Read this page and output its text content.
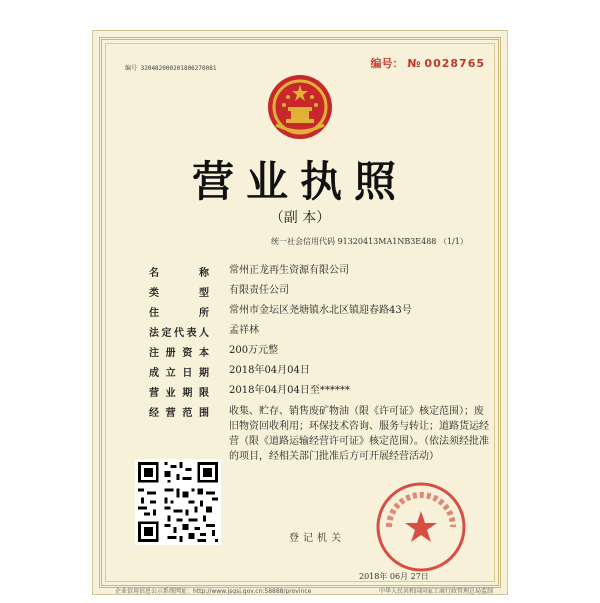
编号 320482000201806270081	编号： № 0028765
营业执照
（副 本）
统一社会信用代码 91320413MA1NB3E488 （1/1）
名　　称 常州正龙再生资源有限公司
类　　型 有限责任公司
住　　所 常州市金坛区尧塘镇水北区镇迎春路43号
法定代表人 孟祥林
注册资本 200万元整
成立日期 2018年04月04日
营业期限 2018年04月04日至******
经营范围 收集、贮存、销售废矿物油（限《许可证》核定范围）；废旧物资回收利用；环保技术咨询、服务与转让；道路货运经营（限《道路运输经营许可证》核定范围）。（依法须经批准的项目，经相关部门批准后方可开展经营活动）
登记机关
2018年 06月 27日
企业信用信息公示系统网址：http://www.jsgsj.gov.cn:58888/province	中华人民共和国国家工商行政管理总局监制
